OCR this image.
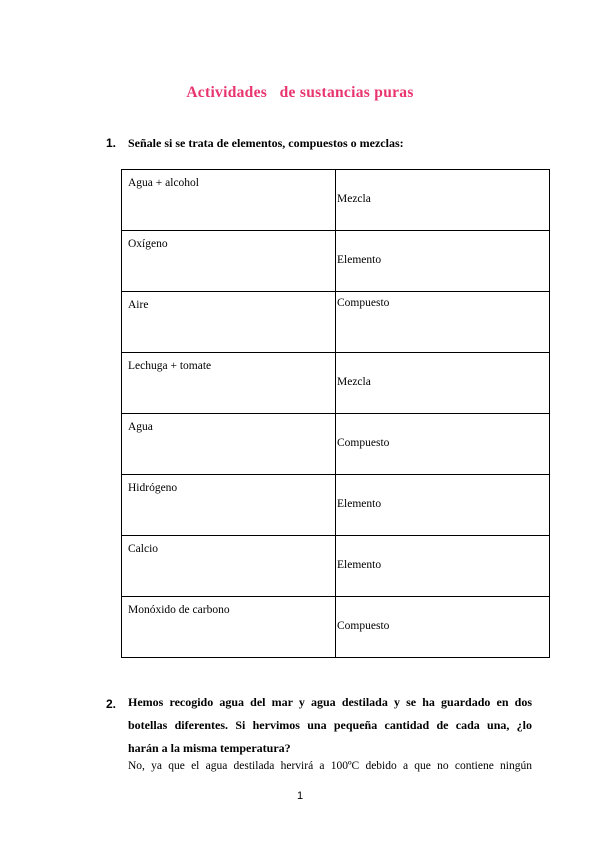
Actividades   de sustancias puras
1. Señale si se trata de elementos, compuestos o mezclas:
Agua + alcohol	Mezcla

Oxígeno	Elemento

Aire	Compuesto

Lechuga + tomate	Mezcla

Agua	Compuesto

Hidrógeno	Elemento

Calcio	Elemento

Monóxido de carbono	Compuesto
2. Hemos recogido agua del mar y agua destilada y se ha guardado en dos
botellas diferentes. Si hervimos una pequeña cantidad de cada una, ¿lo
harán a la misma temperatura?
No, ya que el agua destilada hervirá a 100ºC debido a que no contiene ningún
1
